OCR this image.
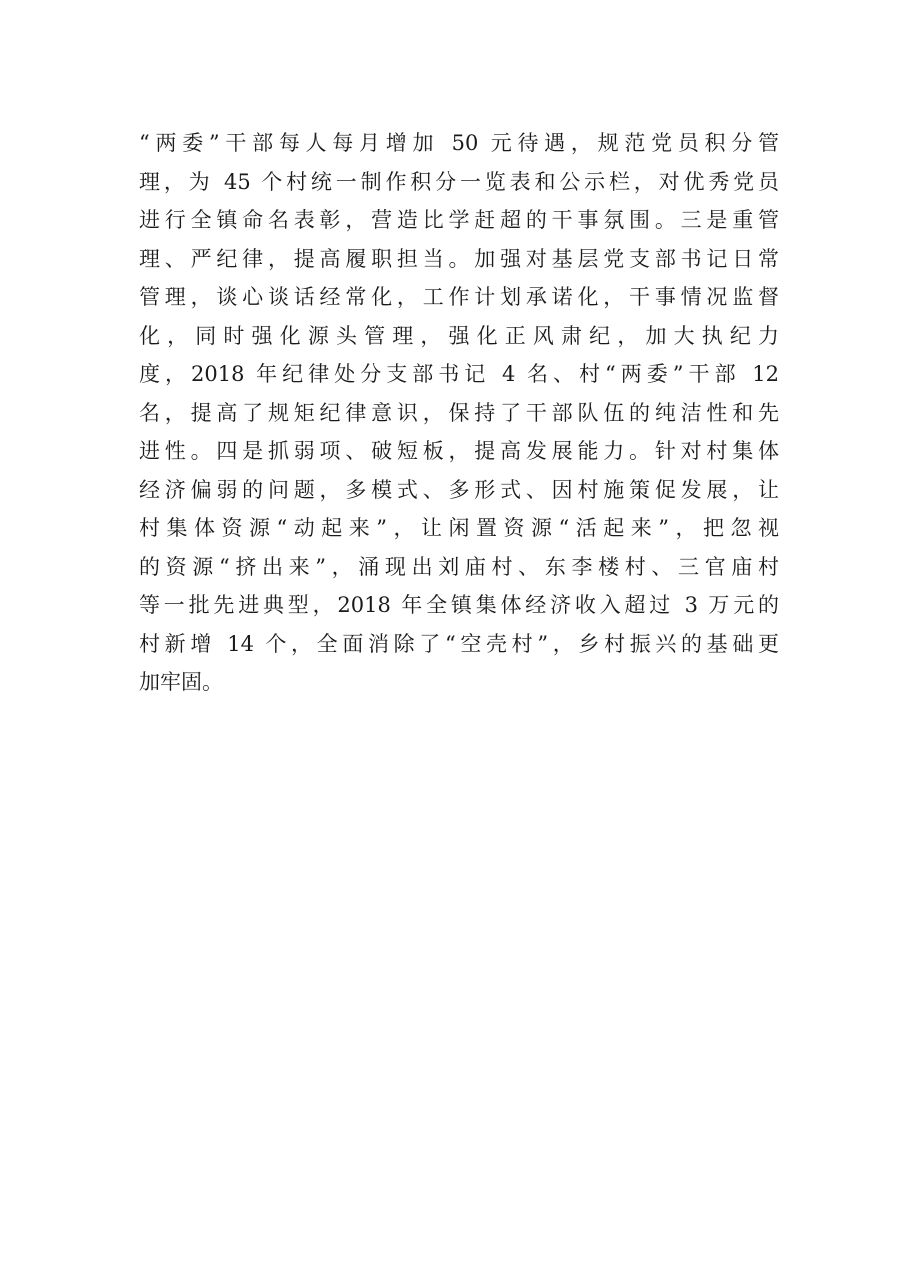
“两委”干部每人每月增加 50 元待遇，规范党员积分管
理，为 45 个村统一制作积分一览表和公示栏，对优秀党员
进行全镇命名表彰，营造比学赶超的干事氛围。三是重管
理、严纪律，提高履职担当。加强对基层党支部书记日常
管理，谈心谈话经常化，工作计划承诺化，干事情况监督
化，同时强化源头管理，强化正风肃纪，加大执纪力
度，2018 年纪律处分支部书记 4 名、村“两委”干部 12
名，提高了规矩纪律意识，保持了干部队伍的纯洁性和先
进性。四是抓弱项、破短板，提高发展能力。针对村集体
经济偏弱的问题，多模式、多形式、因村施策促发展，让
村集体资源“动起来”，让闲置资源“活起来”，把忽视
的资源“挤出来”，涌现出刘庙村、东李楼村、三官庙村
等一批先进典型，2018 年全镇集体经济收入超过 3 万元的
村新增 14 个，全面消除了“空壳村”，乡村振兴的基础更
加牢固。
